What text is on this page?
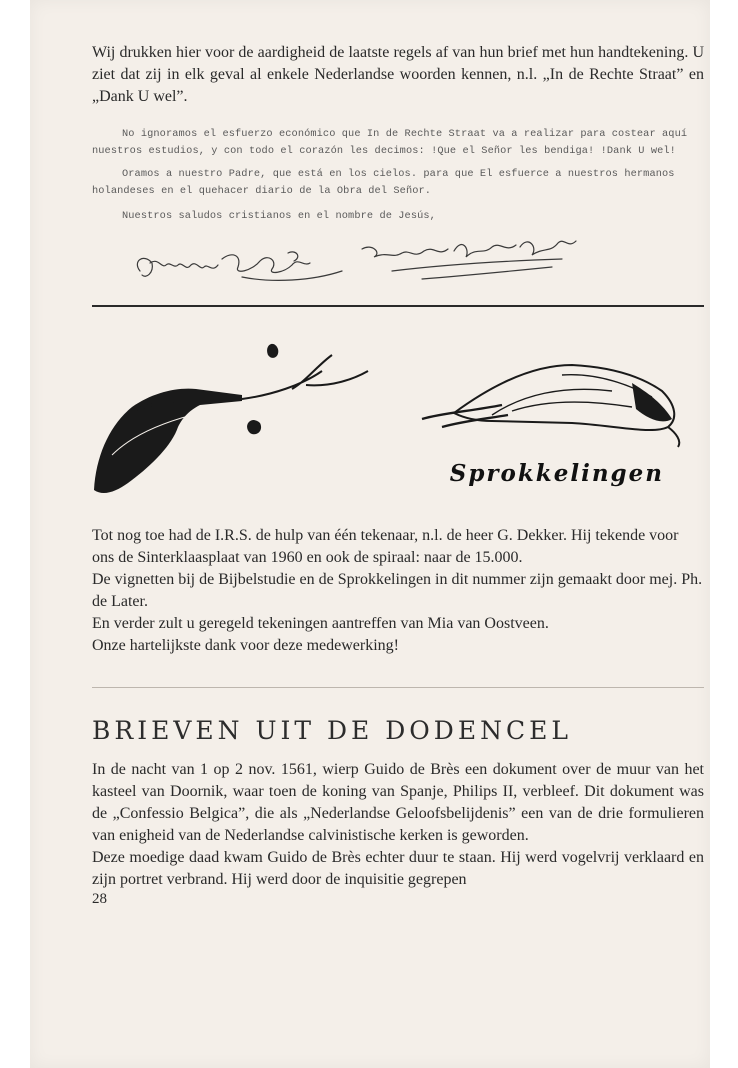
Wij drukken hier voor de aardigheid de laatste regels af van hun brief met hun handtekening. U ziet dat zij in elk geval al enkele Nederlandse woorden kennen, n.l. „In de Rechte Straat” en „Dank U wel”.

No ignoramos el esfuerzo económico que In de Rechte Straat va a realizar para costear aquí nuestros estudios, y con todo el corazón les decimos: !Que el Señor les bendiga! !Dank U wel!

Oramos a nuestro Padre, que está en los cielos. para que El esfuerce a nuestros hermanos holandeses en el quehacer diario de la Obra del Señor.

Nuestros saludos cristianos en el nombre de Jesús,

Sprokkelingen

Tot nog toe had de I.R.S. de hulp van één tekenaar, n.l. de heer G. Dekker. Hij tekende voor ons de Sinterklaasplaat van 1960 en ook de spiraal: naar de 15.000.

De vignetten bij de Bijbelstudie en de Sprokkelingen in dit nummer zijn gemaakt door mej. Ph. de Later.

En verder zult u geregeld tekeningen aantreffen van Mia van Oostveen.

Onze hartelijkste dank voor deze medewerking!

BRIEVEN UIT DE DODENCEL

In de nacht van 1 op 2 nov. 1561, wierp Guido de Brès een dokument over de muur van het kasteel van Doornik, waar toen de koning van Spanje, Philips II, verbleef. Dit dokument was de „Confessio Belgica”, die als „Nederlandse Geloofsbelijdenis” een van de drie formulieren van enigheid van de Nederlandse calvinistische kerken is geworden.

Deze moedige daad kwam Guido de Brès echter duur te staan. Hij werd vogelvrij verklaard en zijn portret verbrand. Hij werd door de inquisitie gegrepen

28
